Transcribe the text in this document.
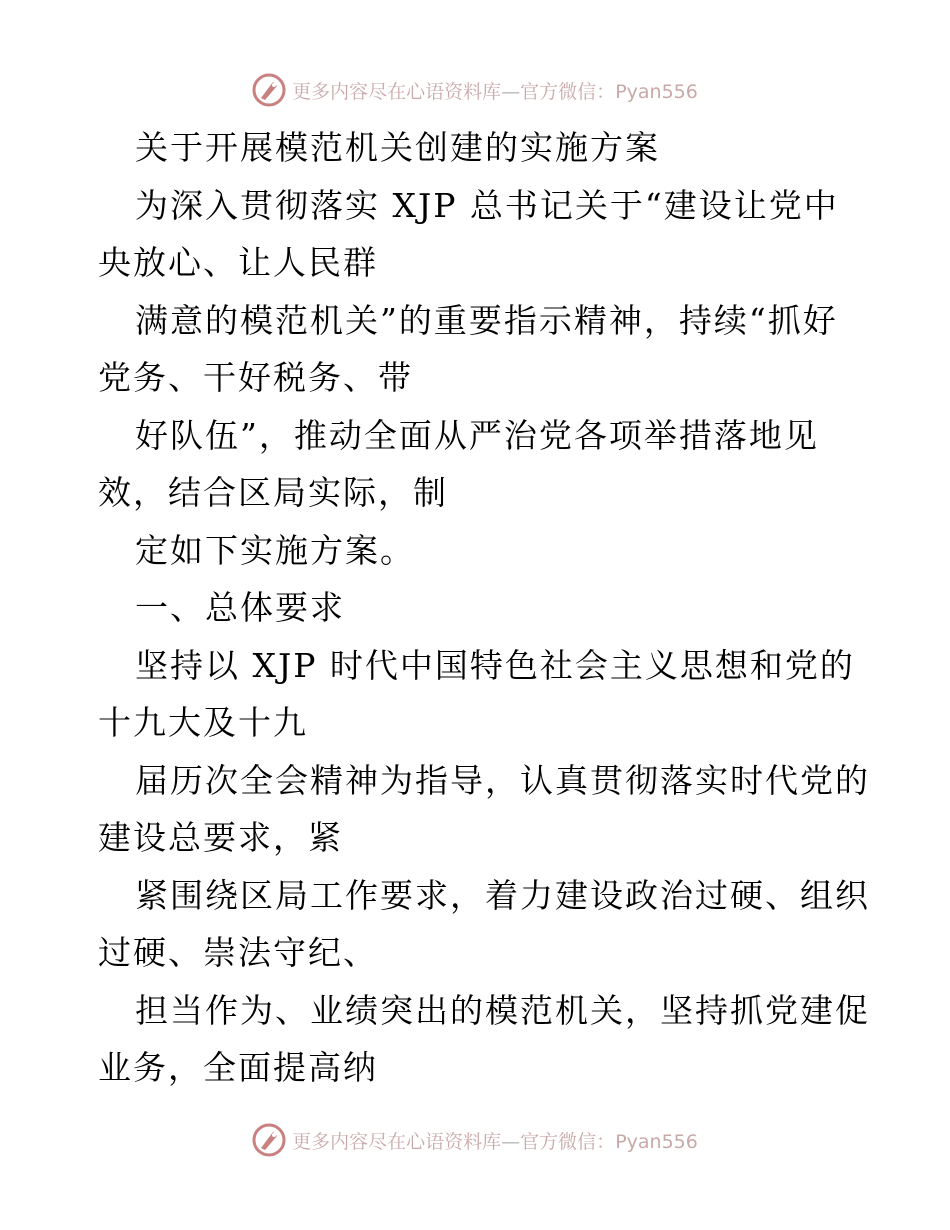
更多内容尽在心语资料库—官方微信：Pyan556
关于开展模范机关创建的实施方案
为深入贯彻落实 XJP 总书记关于“建设让党中
央放心、让人民群
满意的模范机关”的重要指示精神，持续“抓好
党务、干好税务、带
好队伍”，推动全面从严治党各项举措落地见
效，结合区局实际，制
定如下实施方案。
一、总体要求
坚持以 XJP 时代中国特色社会主义思想和党的
十九大及十九
届历次全会精神为指导，认真贯彻落实时代党的
建设总要求，紧
紧围绕区局工作要求，着力建设政治过硬、组织
过硬、崇法守纪、
担当作为、业绩突出的模范机关，坚持抓党建促
业务，全面提高纳
更多内容尽在心语资料库—官方微信：Pyan556
